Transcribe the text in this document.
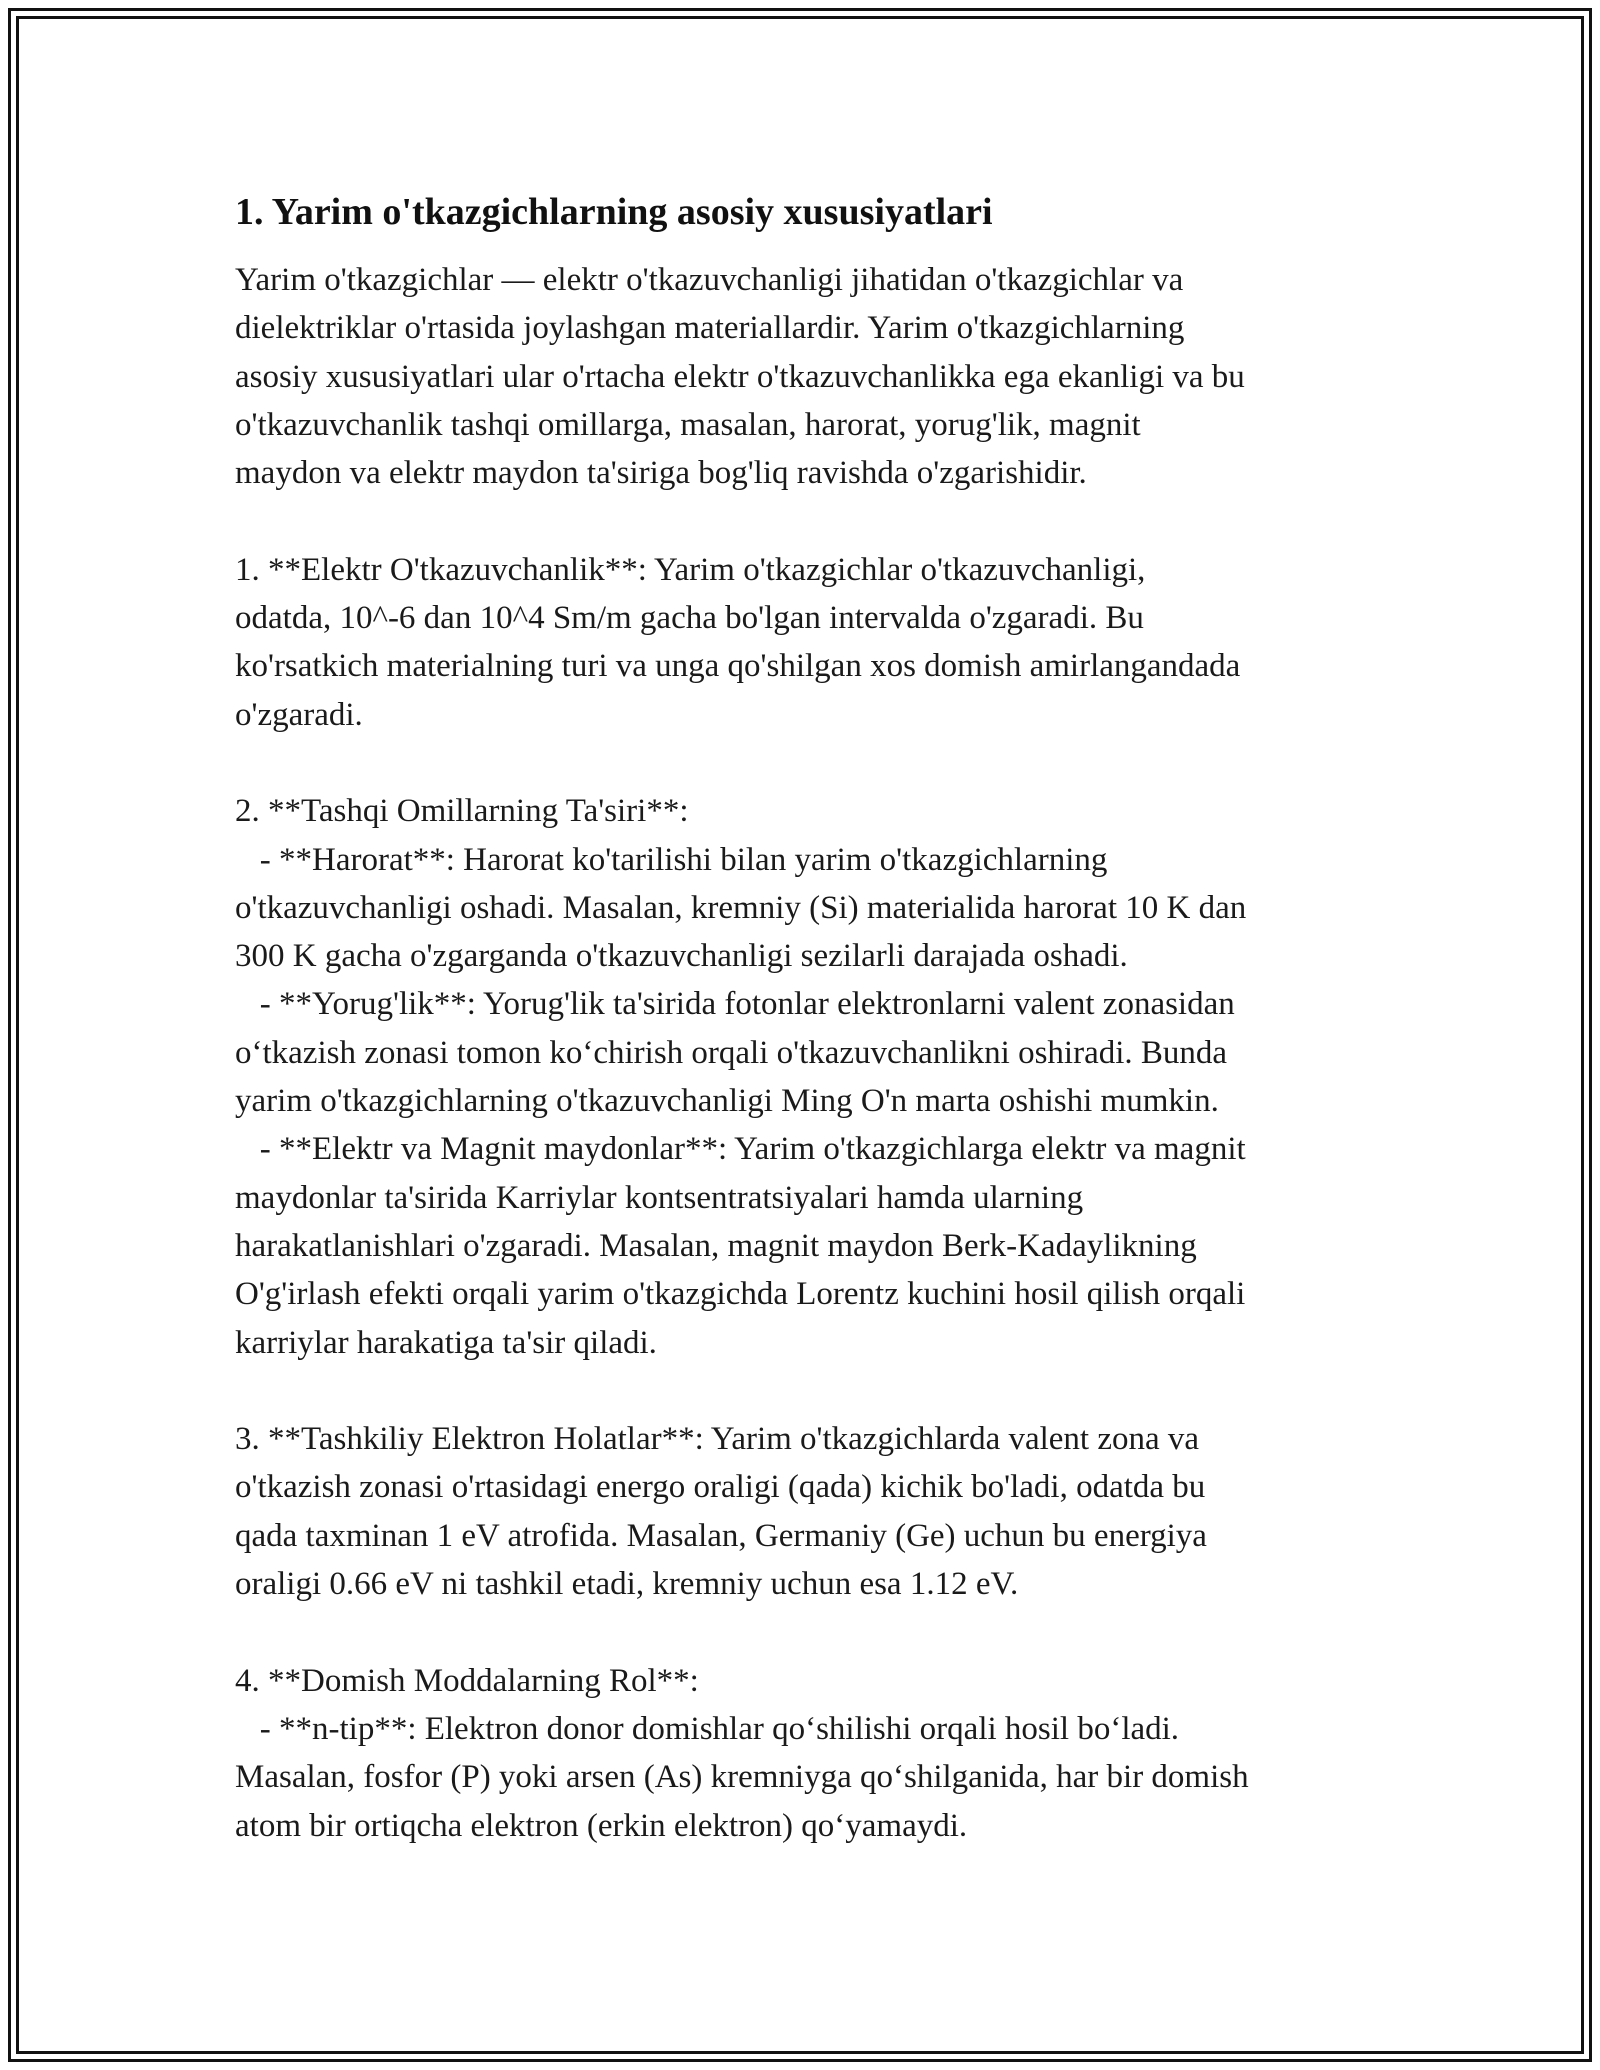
1. Yarim o'tkazgichlarning asosiy xususiyatlari

Yarim o'tkazgichlar — elektr o'tkazuvchanligi jihatidan o'tkazgichlar va
dielektriklar o'rtasida joylashgan materiallardir. Yarim o'tkazgichlarning
asosiy xususiyatlari ular o'rtacha elektr o'tkazuvchanlikka ega ekanligi va bu
o'tkazuvchanlik tashqi omillarga, masalan, harorat, yorug'lik, magnit
maydon va elektr maydon ta'siriga bog'liq ravishda o'zgarishidir.

1. **Elektr O'tkazuvchanlik**: Yarim o'tkazgichlar o'tkazuvchanligi,
odatda, 10^-6 dan 10^4 Sm/m gacha bo'lgan intervalda o'zgaradi. Bu
ko'rsatkich materialning turi va unga qo'shilgan xos domish amirlangandada
o'zgaradi.

2. **Tashqi Omillarning Ta'siri**:
- **Harorat**: Harorat ko'tarilishi bilan yarim o'tkazgichlarning
o'tkazuvchanligi oshadi. Masalan, kremniy (Si) materialida harorat 10 K dan
300 K gacha o'zgarganda o'tkazuvchanligi sezilarli darajada oshadi.
- **Yorug'lik**: Yorug'lik ta'sirida fotonlar elektronlarni valent zonasidan
o‘tkazish zonasi tomon ko‘chirish orqali o'tkazuvchanlikni oshiradi. Bunda
yarim o'tkazgichlarning o'tkazuvchanligi Ming O'n marta oshishi mumkin.
- **Elektr va Magnit maydonlar**: Yarim o'tkazgichlarga elektr va magnit
maydonlar ta'sirida Karriylar kontsentratsiyalari hamda ularning
harakatlanishlari o'zgaradi. Masalan, magnit maydon Berk-Kadaylikning
O'g'irlash efekti orqali yarim o'tkazgichda Lorentz kuchini hosil qilish orqali
karriylar harakatiga ta'sir qiladi.

3. **Tashkiliy Elektron Holatlar**: Yarim o'tkazgichlarda valent zona va
o'tkazish zonasi o'rtasidagi energo oraligi (qada) kichik bo'ladi, odatda bu
qada taxminan 1 eV atrofida. Masalan, Germaniy (Ge) uchun bu energiya
oraligi 0.66 eV ni tashkil etadi, kremniy uchun esa 1.12 eV.

4. **Domish Moddalarning Rol**:
- **n-tip**: Elektron donor domishlar qo‘shilishi orqali hosil bo‘ladi.
Masalan, fosfor (P) yoki arsen (As) kremniyga qo‘shilganida, har bir domish
atom bir ortiqcha elektron (erkin elektron) qo‘yamaydi.
